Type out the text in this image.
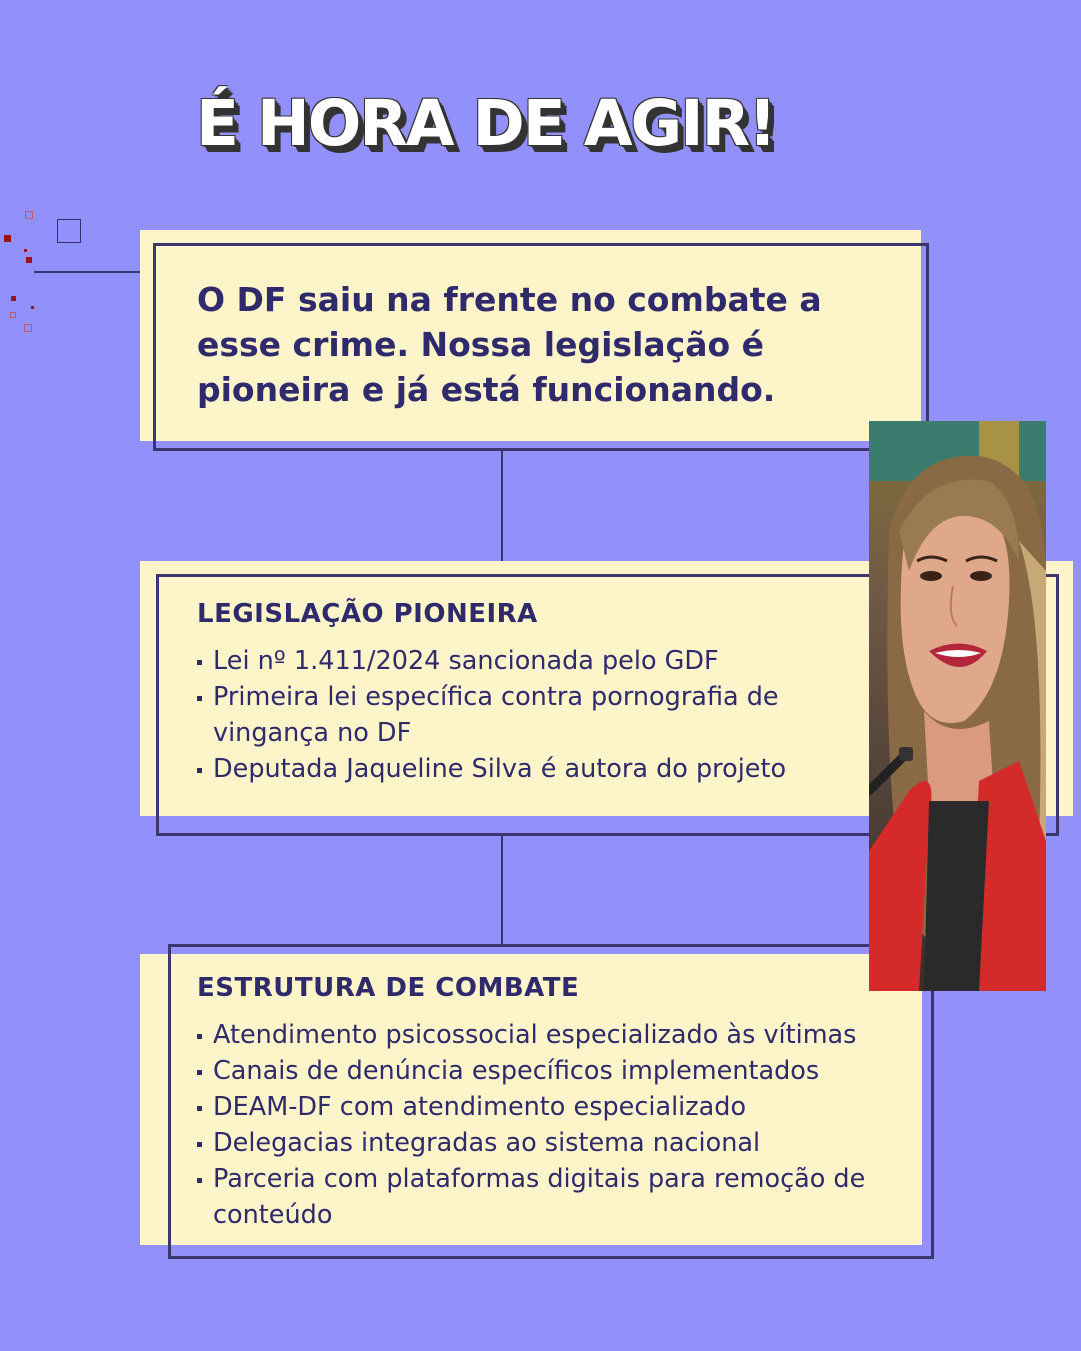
É HORA DE AGIR!
O DF saiu na frente no combate a esse crime. Nossa legislação é pioneira e já está funcionando.
LEGISLAÇÃO PIONEIRA
Lei nº 1.411/2024 sancionada pelo GDF
Primeira lei específica contra pornografia de vingança no DF
Deputada Jaqueline Silva é autora do projeto
ESTRUTURA DE COMBATE
Atendimento psicossocial especializado às vítimas
Canais de denúncia específicos implementados
DEAM-DF com atendimento especializado
Delegacias integradas ao sistema nacional
Parceria com plataformas digitais para remoção de conteúdo
